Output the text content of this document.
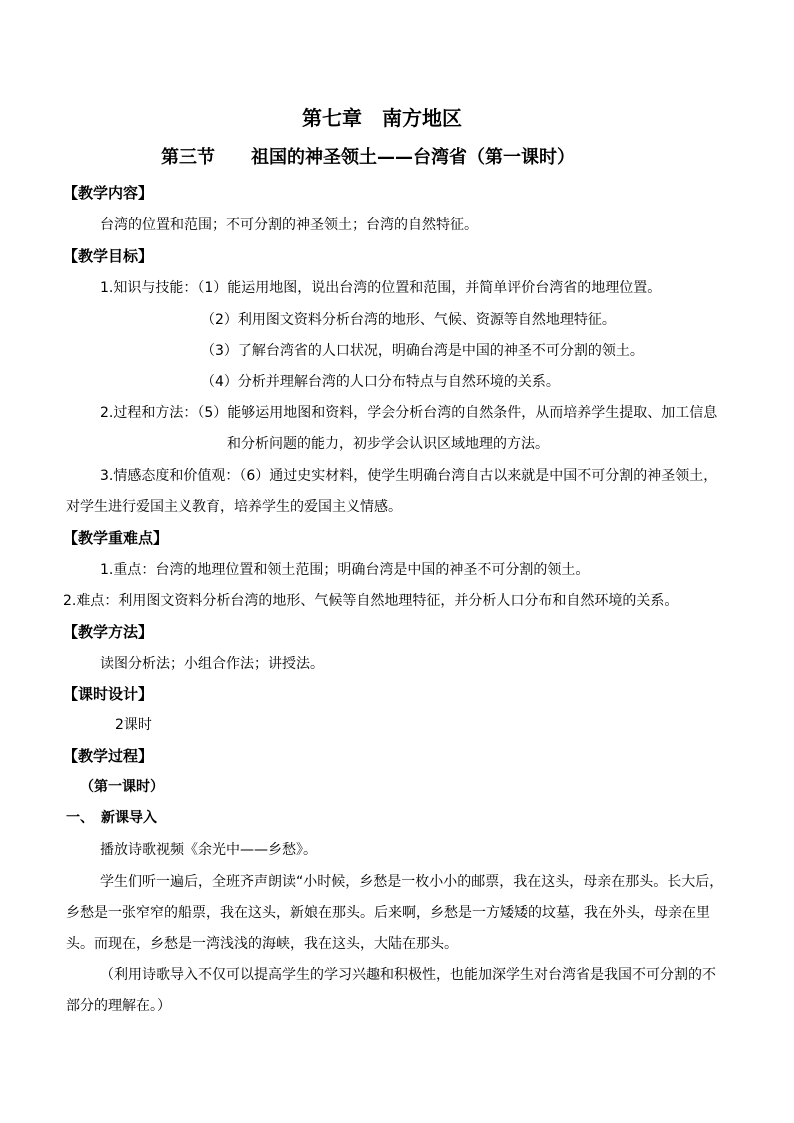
第七章　南方地区
第三节　　祖国的神圣领土——台湾省（第一课时）
【教学内容】
台湾的位置和范围；不可分割的神圣领土；台湾的自然特征。
【教学目标】
1.知识与技能：（1）能运用地图，说出台湾的位置和范围，并简单评价台湾省的地理位置。
（2）利用图文资料分析台湾的地形、气候、资源等自然地理特征。
（3）了解台湾省的人口状况，明确台湾是中国的神圣不可分割的领土。
（4）分析并理解台湾的人口分布特点与自然环境的关系。
2.过程和方法：（5）能够运用地图和资料，学会分析台湾的自然条件，从而培养学生提取、加工信息
和分析问题的能力，初步学会认识区域地理的方法。
3.情感态度和价值观：（6）通过史实材料，使学生明确台湾自古以来就是中国不可分割的神圣领土，
对学生进行爱国主义教育，培养学生的爱国主义情感。
【教学重难点】
1.重点：台湾的地理位置和领土范围；明确台湾是中国的神圣不可分割的领土。
2.难点：利用图文资料分析台湾的地形、气候等自然地理特征，并分析人口分布和自然环境的关系。
【教学方法】
读图分析法；小组合作法；讲授法。
【课时设计】
2课时
【教学过程】
（第一课时）
一、　新课导入
播放诗歌视频《余光中——乡愁》。
学生们听一遍后，全班齐声朗读“小时候，乡愁是一枚小小的邮票，我在这头，母亲在那头。长大后，
乡愁是一张窄窄的船票，我在这头，新娘在那头。后来啊，乡愁是一方矮矮的坟墓，我在外头，母亲在里
头。而现在，乡愁是一湾浅浅的海峡，我在这头，大陆在那头。
（利用诗歌导入不仅可以提高学生的学习兴趣和积极性，也能加深学生对台湾省是我国不可分割的不
部分的理解在。）
